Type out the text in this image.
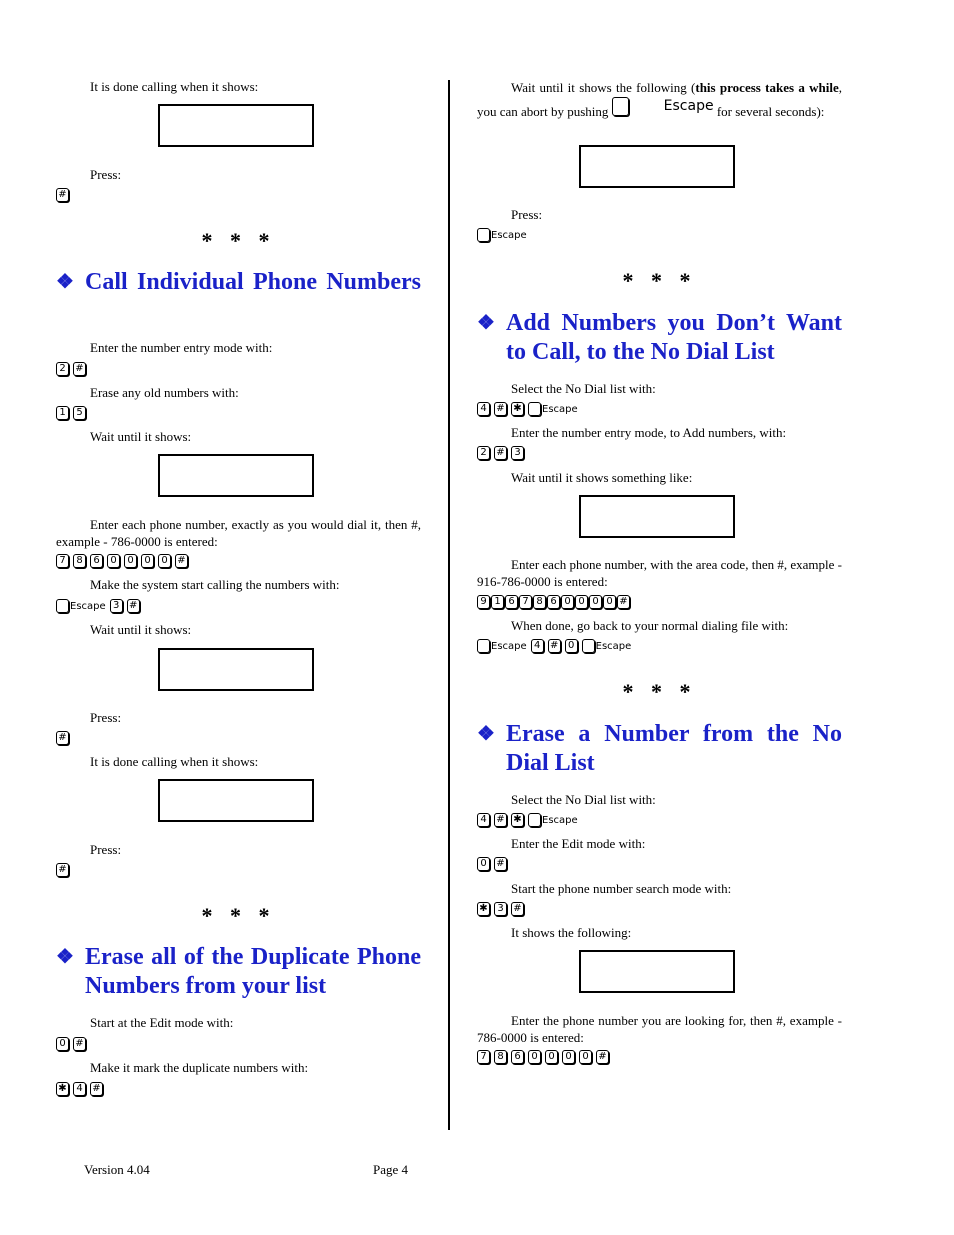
It is done calling when it shows:
Press:
#
* * *
❖ Call Individual Phone Numbers
Enter the number entry mode with:
2 #
Erase any old numbers with:
1	5
Wait until it shows:
Enter each phone number, exactly as you would dial it, then #, example - 786-0000 is entered:
7	8	6	0	0	0	0 #
Make the system start calling the numbers with:
Escape 3 #
Wait until it shows:
Press:
#
It is done calling when it shows:
Press:
#
* * *
❖ Erase all of the Duplicate Phone Numbers from your list
Start at the Edit mode with:
0 #
Make it mark the duplicate numbers with:
✱ 4 #
Wait until it shows the following (this process takes a while, you can abort by pushing	Escape for several seconds):
Press:
Escape
* * *
❖ Add Numbers you Don’t Want to Call, to the No Dial List
Select the No Dial list with:
4 # ✱ Escape
Enter the number entry mode, to Add numbers, with:
2 # 3
Wait until it shows something like:
Enter each phone number, with the area code, then #, example - 916-786-0000 is entered:
9 1 6 7 8 6 0 0 0 0 #
When done, go back to your normal dialing file with:
Escape 4 # 0	Escape
* * *
❖ Erase a Number from the No Dial List
Select the No Dial list with:
4 # ✱ Escape
Enter the Edit mode with:
0 #
Start the phone number search mode with:
✱ 3 #
It shows the following:
Enter the phone number you are looking for, then #, example - 786-0000 is entered:
7	8	6	0	0	0	0 #
Version 4.04	Page 4
